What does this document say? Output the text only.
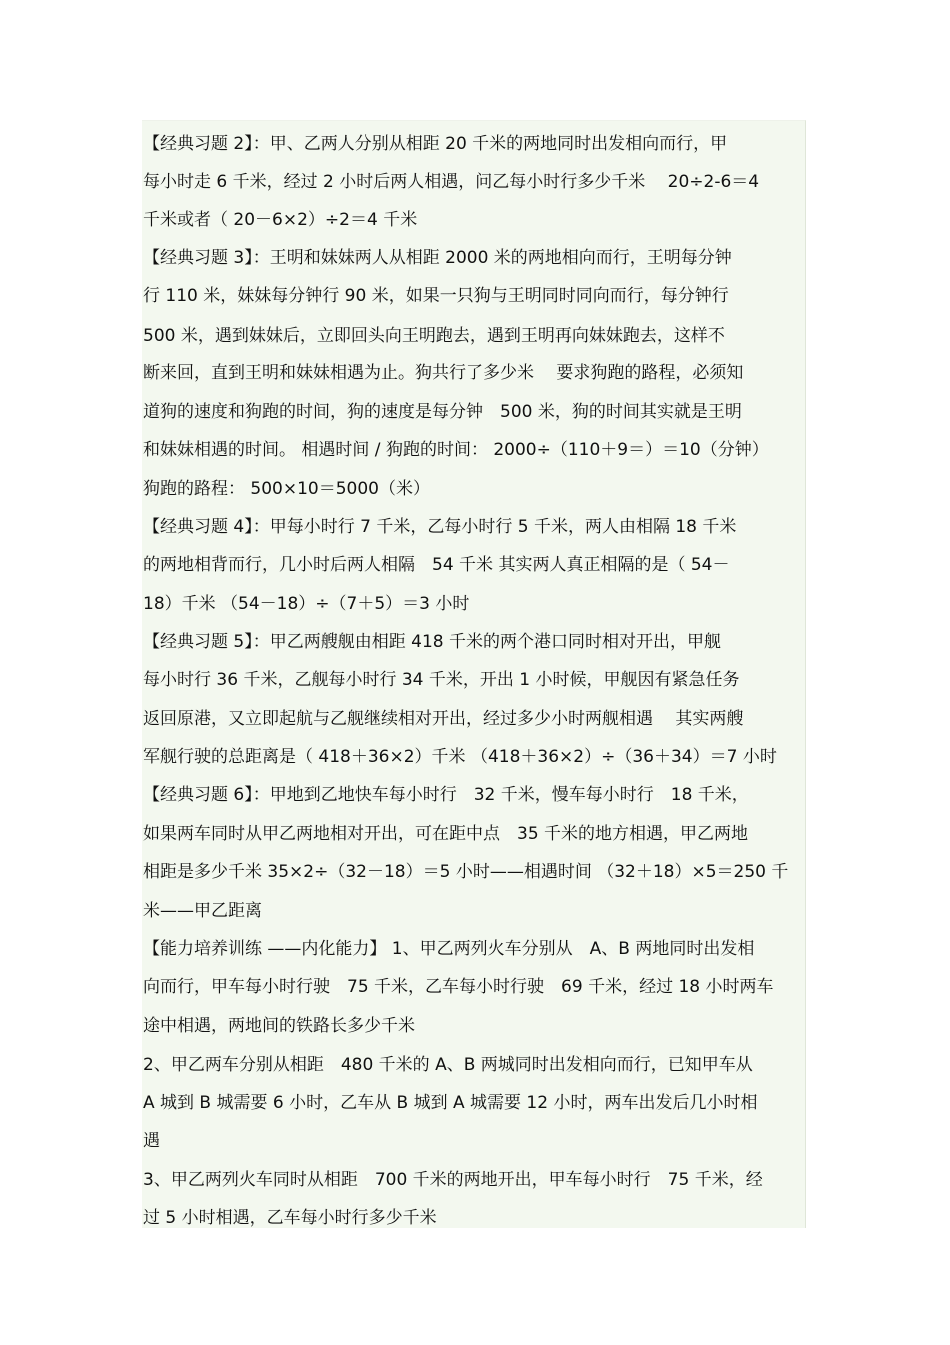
【经典习题 2】：甲、乙两人分别从相距 20 千米的两地同时出发相向而行，甲
每小时走 6 千米，经过 2 小时后两人相遇，问乙每小时行多少千米　 20÷2-6＝4
千米或者（ 20－6×2）÷2＝4 千米
【经典习题 3】：王明和妹妹两人从相距 2000 米的两地相向而行，王明每分钟
行 110 米，妹妹每分钟行 90 米，如果一只狗与王明同时同向而行，每分钟行
500 米，遇到妹妹后，立即回头向王明跑去，遇到王明再向妹妹跑去，这样不
断来回，直到王明和妹妹相遇为止。狗共行了多少米　 要求狗跑的路程，必须知
道狗的速度和狗跑的时间，狗的速度是每分钟　500 米，狗的时间其实就是王明
和妹妹相遇的时间。 相遇时间 / 狗跑的时间： 2000÷（110＋9＝）＝10（分钟）
狗跑的路程： 500×10＝5000（米）
【经典习题 4】：甲每小时行 7 千米，乙每小时行 5 千米，两人由相隔 18 千米
的两地相背而行，几小时后两人相隔　54 千米 其实两人真正相隔的是（ 54－
18）千米 （54－18）÷（7＋5）＝3 小时
【经典习题 5】：甲乙两艘舰由相距 418 千米的两个港口同时相对开出，甲舰
每小时行 36 千米，乙舰每小时行 34 千米，开出 1 小时候，甲舰因有紧急任务
返回原港，又立即起航与乙舰继续相对开出，经过多少小时两舰相遇　 其实两艘
军舰行驶的总距离是（ 418＋36×2）千米 （418＋36×2）÷（36＋34）＝7 小时
【经典习题 6】：甲地到乙地快车每小时行　32 千米，慢车每小时行　18 千米，
如果两车同时从甲乙两地相对开出，可在距中点　35 千米的地方相遇，甲乙两地
相距是多少千米 35×2÷（32－18）＝5 小时——相遇时间 （32＋18）×5＝250 千
米——甲乙距离
【能力培养训练 ——内化能力】 1、甲乙两列火车分别从　A、B 两地同时出发相
向而行，甲车每小时行驶　75 千米，乙车每小时行驶　69 千米，经过 18 小时两车
途中相遇，两地间的铁路长多少千米
2、甲乙两车分别从相距　480 千米的 A、B 两城同时出发相向而行，已知甲车从
A 城到 B 城需要 6 小时，乙车从 B 城到 A 城需要 12 小时，两车出发后几小时相
遇
3、甲乙两列火车同时从相距　700 千米的两地开出，甲车每小时行　75 千米，经
过 5 小时相遇，乙车每小时行多少千米
